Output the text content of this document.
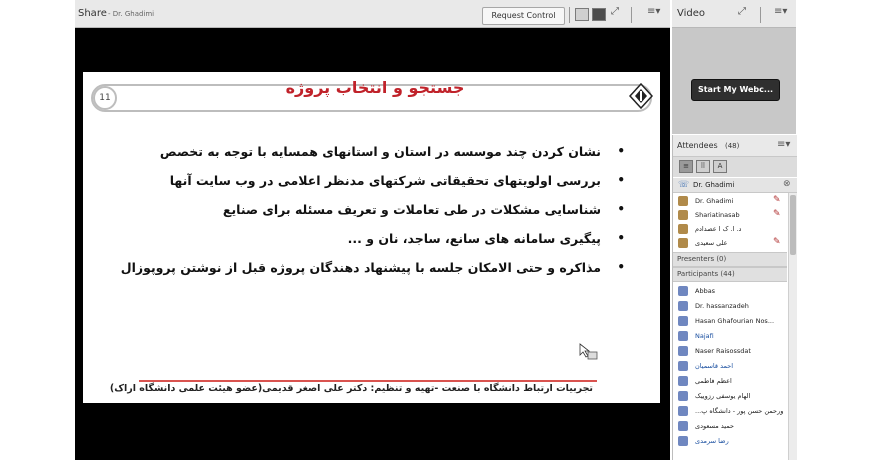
Share - Dr. Ghadimi	Request Control	⤢	≡▾
11
جستجو و انتخاب پروژه
•
نشان کردن چند موسسه در استان و استانهای همسایه با توجه به تخصص
•
بررسی اولویتهای تحقیقاتی شرکتهای مدنظر اعلامی در وب سایت آنها
•
شناسایی مشکلات در طی تعاملات و تعریف مسئله برای صنایع
•
پیگیری سامانه های سانع، ساجد، نان و ...
•
مذاکره و حتی الامکان جلسه با پیشنهاد دهندگان پروژه قبل از نوشتن پروپوزال
تجربیات ارتباط دانشگاه با صنعت -تهیه و تنظیم: دکتر علی اصغر قدیمی(عضو هیئت علمی دانشگاه اراک)
Video	⤢	≡▾
Start My Webc...
Attendees (48)	≡▾
≡	⠿	A
☏ Dr. Ghadimi	⊗
Dr. Ghadimi	✎
Shariatinasab	✎
د. ا. ک ا عصدادم
علی سعیدی	✎
Presenters (0)
Participants (44)
Abbas
Dr. hassanzadeh
Hasan Ghafourian Nos...
Najafi
Naser Raisossdat
احمد قاسمیان
اعظم فاطمی
الهام یوسفی رزوییک
...ورحمن حسن پور - دانشگاه پ
حمید مسعودی
رضا سرمدی
